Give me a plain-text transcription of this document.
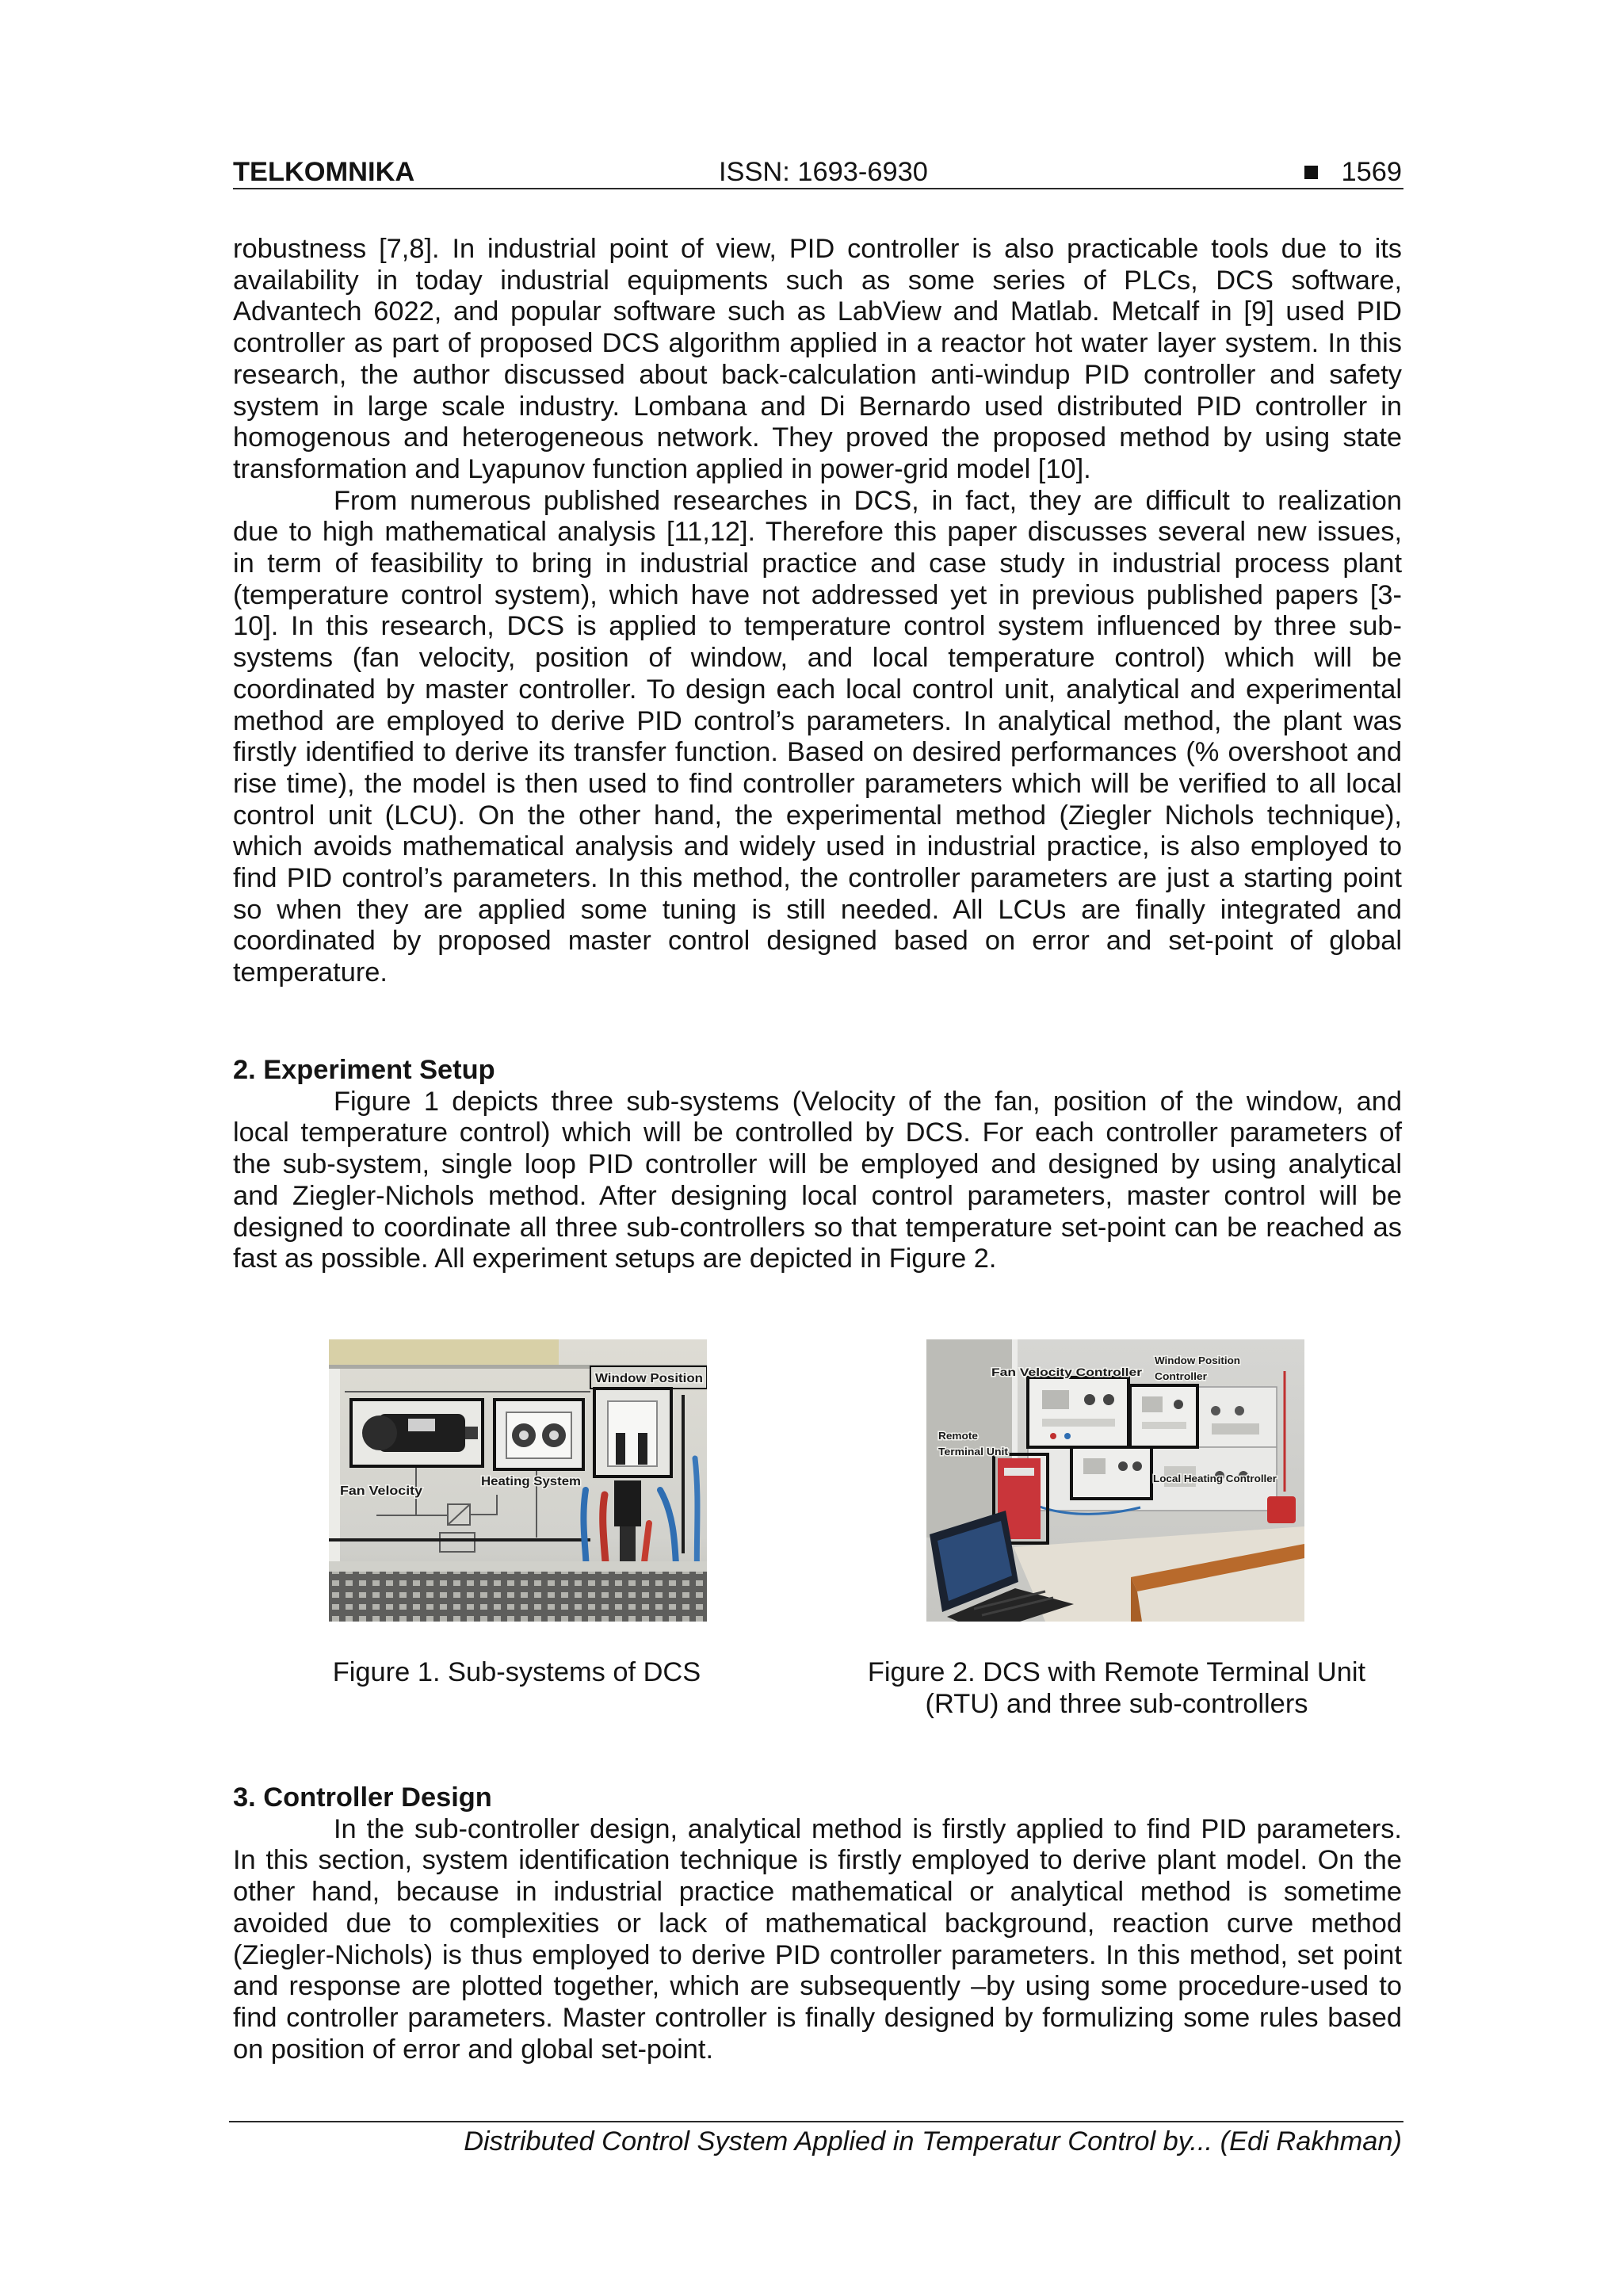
TELKOMNIKA	ISSN: 1693-6930	1569
robustness [7,8]. In industrial point of view, PID controller is also practicable tools due to its
availability in today industrial equipments such as some series of PLCs, DCS software,
Advantech 6022, and popular software such as LabView and Matlab. Metcalf in [9] used PID
controller as part of proposed DCS algorithm applied in a reactor hot water layer system. In this
research, the author discussed about back-calculation anti-windup PID controller and safety
system in large scale industry. Lombana and Di Bernardo used distributed PID controller in
homogenous and heterogeneous network. They proved the proposed method by using state
transformation and Lyapunov function applied in power-grid model [10].
From numerous published researches in DCS, in fact, they are difficult to realization
due to high mathematical analysis [11,12]. Therefore this paper discusses several new issues,
in term of feasibility to bring in industrial practice and case study in industrial process plant
(temperature control system), which have not addressed yet in previous published papers [3-
10]. In this research, DCS is applied to temperature control system influenced by three sub-
systems (fan velocity, position of window, and local temperature control) which will be
coordinated by master controller. To design each local control unit, analytical and experimental
method are employed to derive PID control’s parameters. In analytical method, the plant was
firstly identified to derive its transfer function. Based on desired performances (% overshoot and
rise time), the model is then used to find controller parameters which will be verified to all local
control unit (LCU). On the other hand, the experimental method (Ziegler Nichols technique),
which avoids mathematical analysis and widely used in industrial practice, is also employed to
find PID control’s parameters. In this method, the controller parameters are just a starting point
so when they are applied some tuning is still needed. All LCUs are finally integrated and
coordinated by proposed master control designed based on error and set-point of global
temperature.
2. Experiment Setup
Figure 1 depicts three sub-systems (Velocity of the fan, position of the window, and
local temperature control) which will be controlled by DCS. For each controller parameters of
the sub-system, single loop PID controller will be employed and designed by using analytical
and Ziegler-Nichols method. After designing local control parameters, master control will be
designed to coordinate all three sub-controllers so that temperature set-point can be reached as
fast as possible. All experiment setups are depicted in Figure 2.
Window Position
Heating System
Fan Velocity
Fan Velocity Controller
Window Position
Controller
Remote
Terminal Unit
Local Heating Controller
Figure 1. Sub-systems of DCS	Figure 2. DCS with Remote Terminal Unit
(RTU) and three sub-controllers
3. Controller Design
In the sub-controller design, analytical method is firstly applied to find PID parameters.
In this section, system identification technique is firstly employed to derive plant model. On the
other hand, because in industrial practice mathematical or analytical method is sometime
avoided due to complexities or lack of mathematical background, reaction curve method
(Ziegler-Nichols) is thus employed to derive PID controller parameters. In this method, set point
and response are plotted together, which are subsequently –by using some procedure-used to
find controller parameters. Master controller is finally designed by formulizing some rules based
on position of error and global set-point.
Distributed Control System Applied in Temperatur Control by... (Edi Rakhman)
